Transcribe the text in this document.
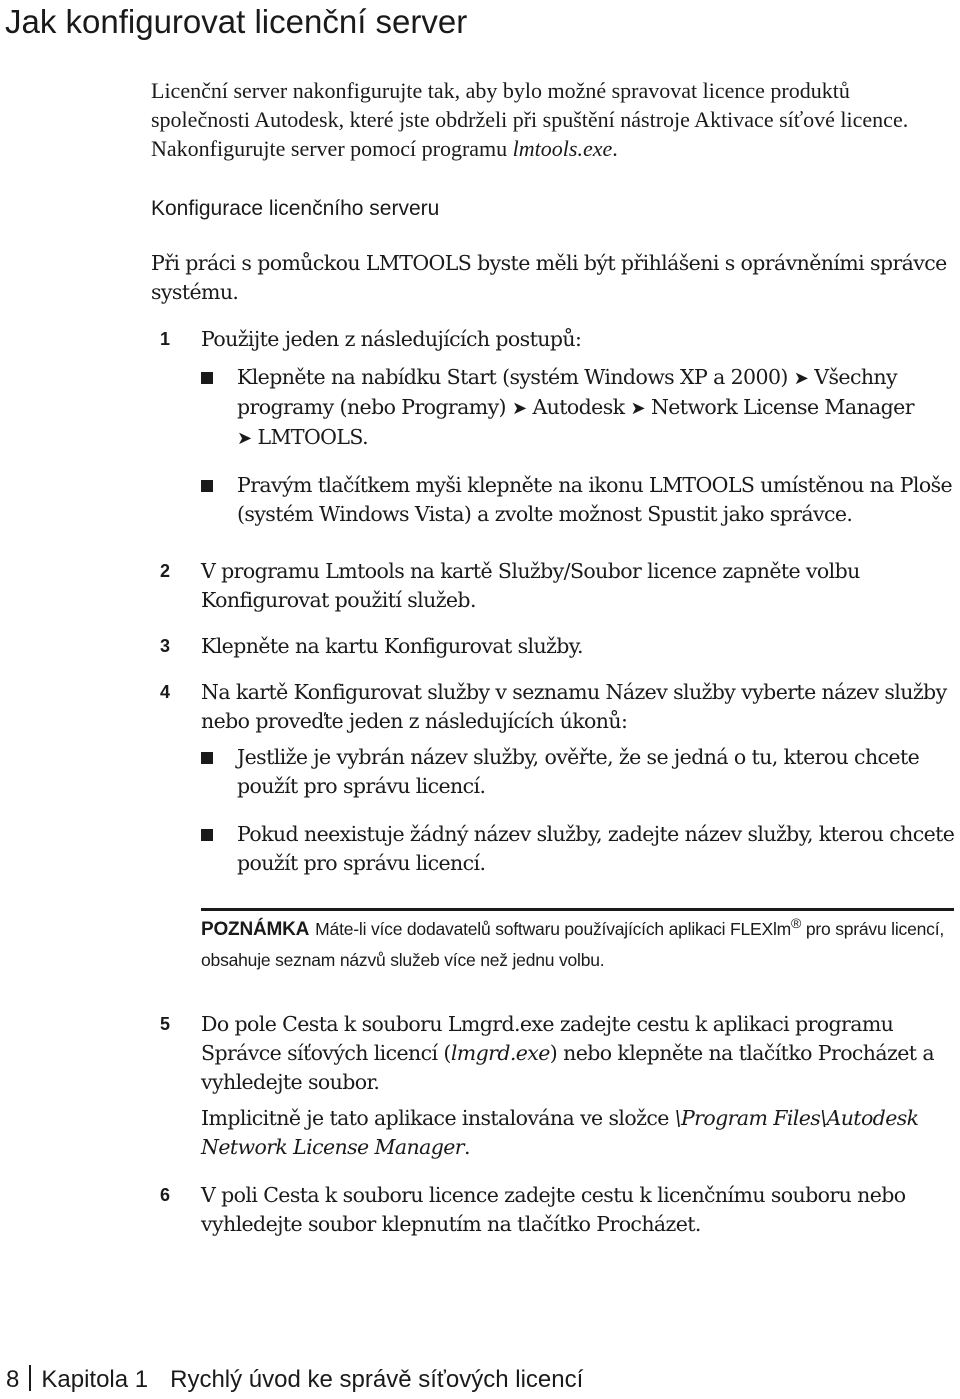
Jak konfigurovat licenční server

Licenční server nakonfigurujte tak, aby bylo možné spravovat licence produktů společnosti Autodesk, které jste obdrželi při spuštění nástroje Aktivace síťové licence. Nakonfigurujte server pomocí programu lmtools.exe.

Konfigurace licenčního serveru

Při práci s pomůckou LMTOOLS byste měli být přihlášeni s oprávněními správce systému.

1	Použijte jeden z následujících postupů:
Klepněte na nabídku Start (systém Windows XP a 2000) ➤ Všechny programy (nebo Programy) ➤ Autodesk ➤ Network License Manager
➤ LMTOOLS.
Pravým tlačítkem myši klepněte na ikonu LMTOOLS umístěnou na Ploše (systém Windows Vista) a zvolte možnost Spustit jako správce.
2	V programu Lmtools na kartě Služby/Soubor licence zapněte volbu Konfigurovat použití služeb.
3	Klepněte na kartu Konfigurovat služby.
4	Na kartě Konfigurovat služby v seznamu Název služby vyberte název služby nebo proveďte jeden z následujících úkonů:
Jestliže je vybrán název služby, ověřte, že se jedná o tu, kterou chcete použít pro správu licencí.
Pokud neexistuje žádný název služby, zadejte název služby, kterou chcete použít pro správu licencí.
POZNÁMKA Máte-li více dodavatelů softwaru používajících aplikaci FLEXlm® pro správu licencí, obsahuje seznam názvů služeb více než jednu volbu.
5	Do pole Cesta k souboru Lmgrd.exe zadejte cestu k aplikaci programu Správce síťových licencí (lmgrd.exe) nebo klepněte na tlačítko Procházet a vyhledejte soubor.
Implicitně je tato aplikace instalována ve složce \Program Files\Autodesk Network License Manager.
6	V poli Cesta k souboru licence zadejte cestu k licenčnímu souboru nebo vyhledejte soubor klepnutím na tlačítko Procházet.
8 Kapitola 1 Rychlý úvod ke správě síťových licencí
